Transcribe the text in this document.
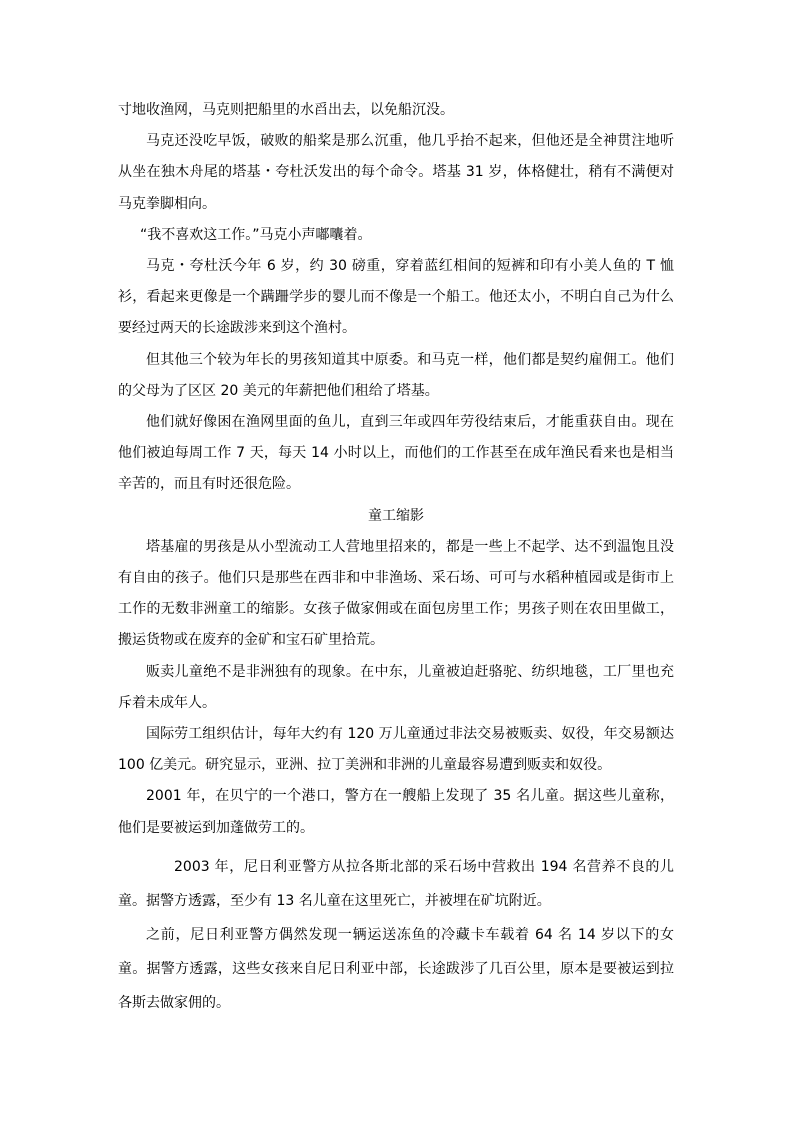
寸地收渔网，马克则把船里的水舀出去，以免船沉没。

马克还没吃早饭，破败的船桨是那么沉重，他几乎抬不起来，但他还是全神贯注地听从坐在独木舟尾的塔基・夸杜沃发出的每个命令。塔基 31 岁，体格健壮，稍有不满便对马克拳脚相向。

“我不喜欢这工作。”马克小声嘟囔着。

马克・夸杜沃今年 6 岁，约 30 磅重，穿着蓝红相间的短裤和印有小美人鱼的 T 恤衫，看起来更像是一个蹒跚学步的婴儿而不像是一个船工。他还太小，不明白自己为什么要经过两天的长途跋涉来到这个渔村。

但其他三个较为年长的男孩知道其中原委。和马克一样，他们都是契约雇佣工。他们的父母为了区区 20 美元的年薪把他们租给了塔基。

他们就好像困在渔网里面的鱼儿，直到三年或四年劳役结束后，才能重获自由。现在他们被迫每周工作 7 天，每天 14 小时以上，而他们的工作甚至在成年渔民看来也是相当辛苦的，而且有时还很危险。

童工缩影

塔基雇的男孩是从小型流动工人营地里招来的，都是一些上不起学、达不到温饱且没有自由的孩子。他们只是那些在西非和中非渔场、采石场、可可与水稻种植园或是街市上工作的无数非洲童工的缩影。女孩子做家佣或在面包房里工作；男孩子则在农田里做工，搬运货物或在废弃的金矿和宝石矿里拾荒。

贩卖儿童绝不是非洲独有的现象。在中东，儿童被迫赶骆驼、纺织地毯，工厂里也充斥着未成年人。

国际劳工组织估计，每年大约有 120 万儿童通过非法交易被贩卖、奴役，年交易额达 100 亿美元。研究显示，亚洲、拉丁美洲和非洲的儿童最容易遭到贩卖和奴役。

2001 年，在贝宁的一个港口，警方在一艘船上发现了 35 名儿童。据这些儿童称，他们是要被运到加蓬做劳工的。

2003 年，尼日利亚警方从拉各斯北部的采石场中营救出 194 名营养不良的儿童。据警方透露，至少有 13 名儿童在这里死亡，并被埋在矿坑附近。

之前，尼日利亚警方偶然发现一辆运送冻鱼的冷藏卡车载着 64 名 14 岁以下的女童。据警方透露，这些女孩来自尼日利亚中部，长途跋涉了几百公里，原本是要被运到拉各斯去做家佣的。
